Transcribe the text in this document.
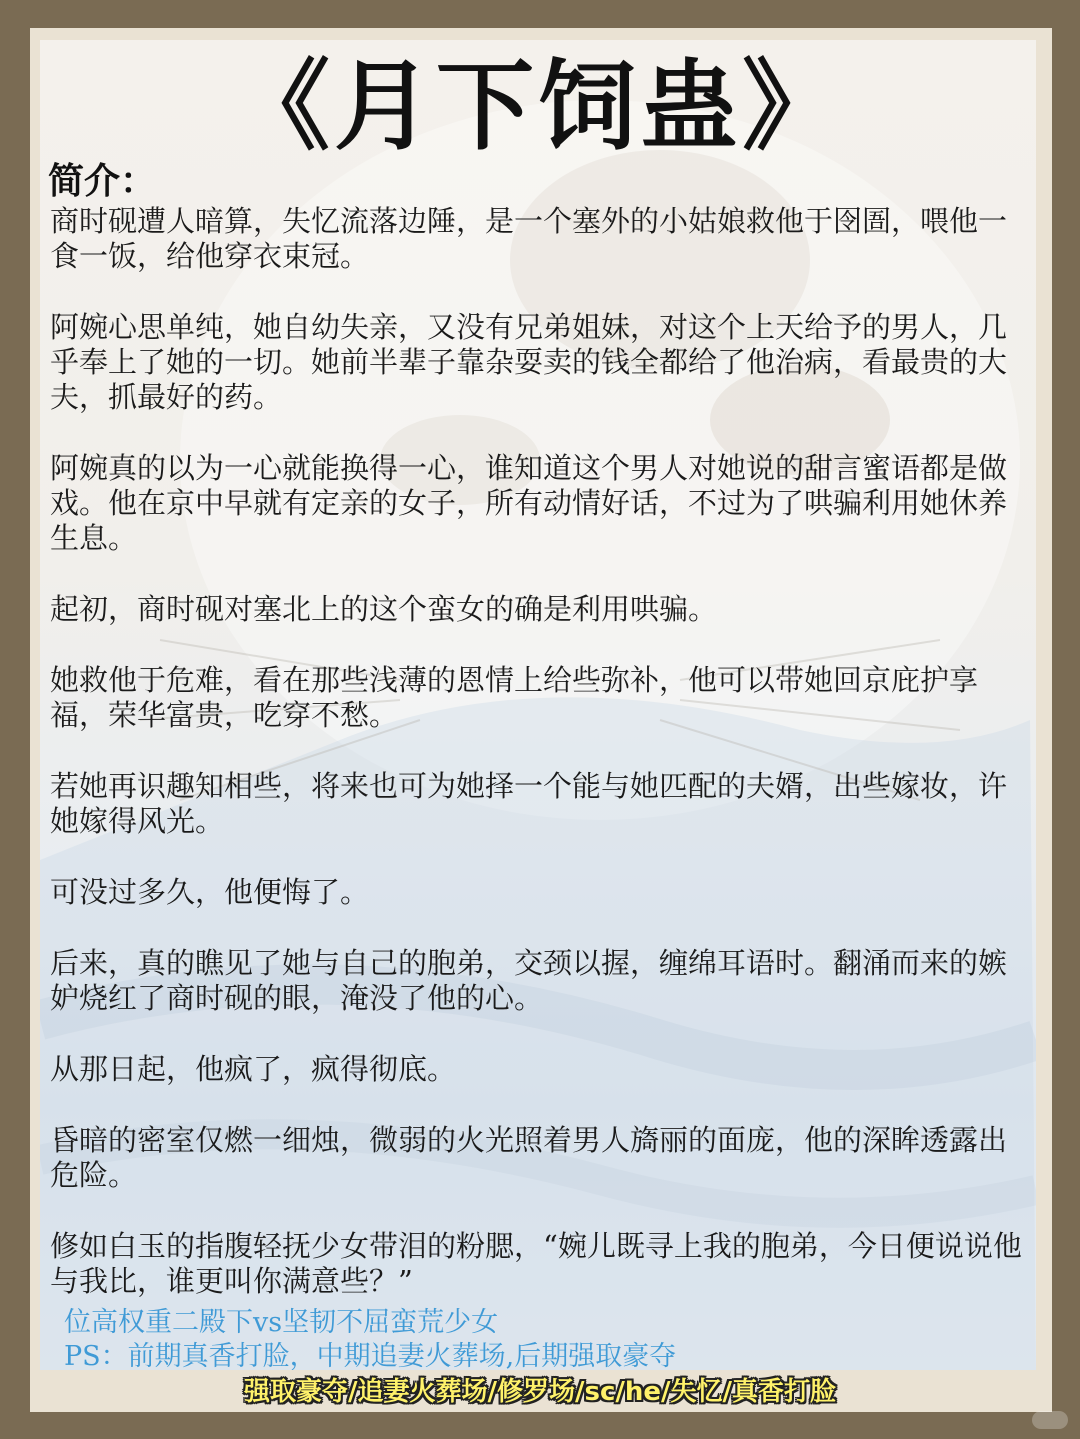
《月下饲蛊》
简介：

商时砚遭人暗算，失忆流落边陲，是一个塞外的小姑娘救他于囹圄，喂他一食一饭，给他穿衣束冠。

阿婉心思单纯，她自幼失亲，又没有兄弟姐妹，对这个上天给予的男人，几乎奉上了她的一切。她前半辈子靠杂耍卖的钱全都给了他治病，看最贵的大夫，抓最好的药。

阿婉真的以为一心就能换得一心，谁知道这个男人对她说的甜言蜜语都是做戏。他在京中早就有定亲的女子，所有动情好话，不过为了哄骗利用她休养生息。

起初，商时砚对塞北上的这个蛮女的确是利用哄骗。

她救他于危难，看在那些浅薄的恩情上给些弥补，他可以带她回京庇护享福，荣华富贵，吃穿不愁。

若她再识趣知相些，将来也可为她择一个能与她匹配的夫婿，出些嫁妆，许她嫁得风光。

可没过多久，他便悔了。

后来，真的瞧见了她与自己的胞弟，交颈以握，缠绵耳语时。翻涌而来的嫉妒烧红了商时砚的眼，淹没了他的心。

从那日起，他疯了，疯得彻底。

昏暗的密室仅燃一细烛，微弱的火光照着男人旖丽的面庞，他的深眸透露出危险。

修如白玉的指腹轻抚少女带泪的粉腮，“婉儿既寻上我的胞弟，今日便说说他与我比，谁更叫你满意些？”

位高权重二殿下vs坚韧不屈蛮荒少女
PS：前期真香打脸，中期追妻火葬场,后期强取豪夺
强取豪夺/追妻火葬场/修罗场/sc/he/失忆/真香打脸
